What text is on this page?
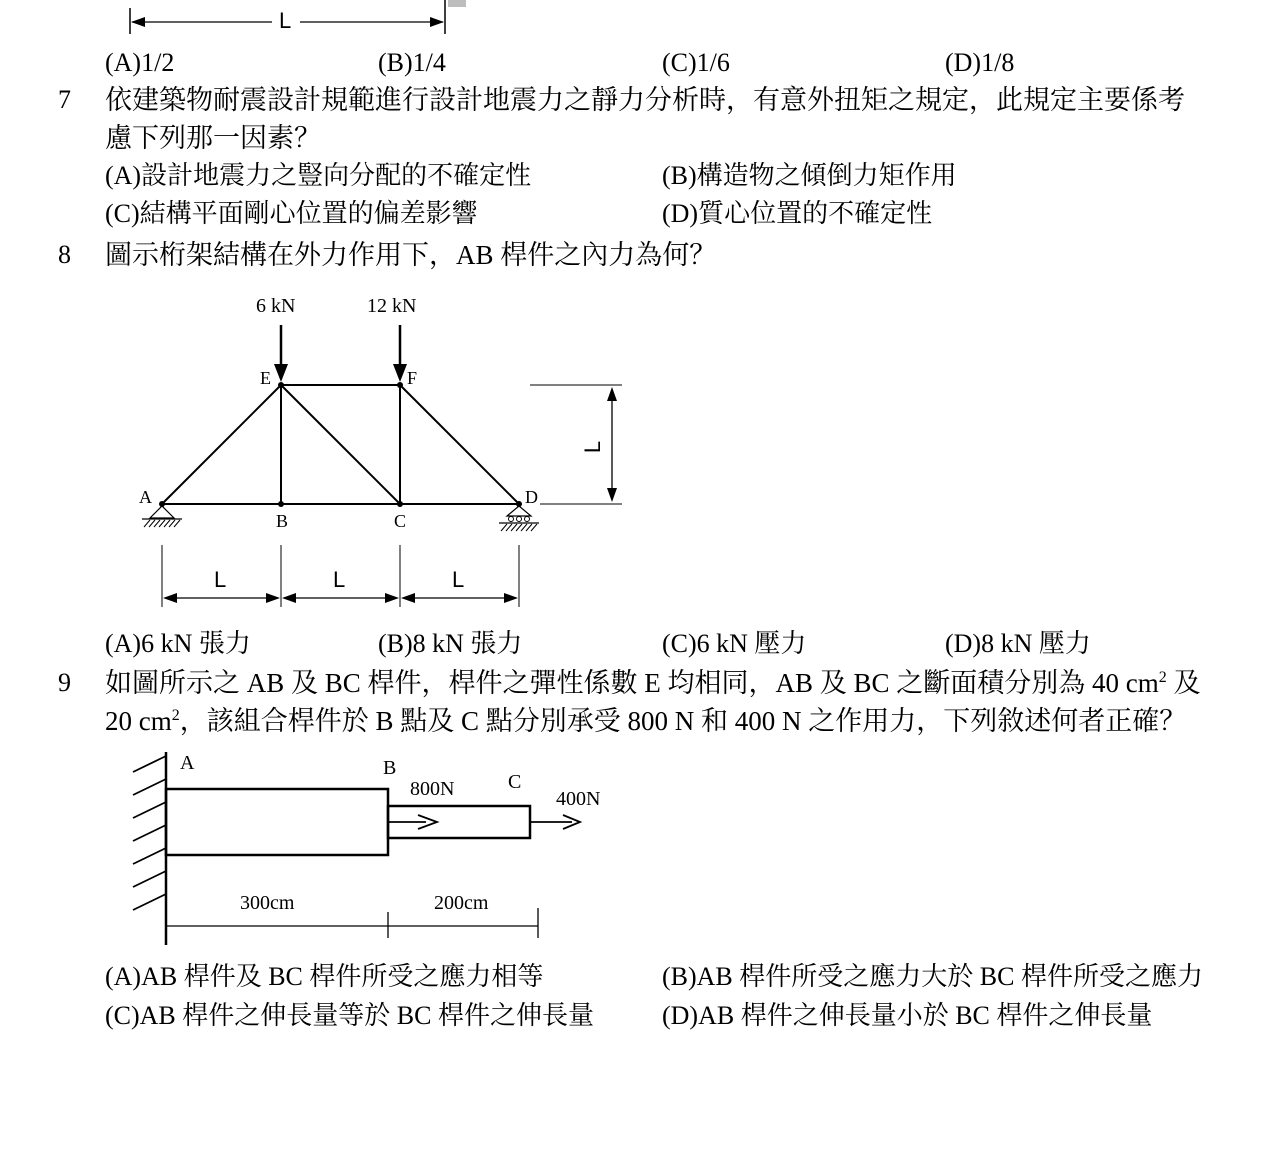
L
(A)1/2	(B)1/4	(C)1/6	(D)1/8
7 依建築物耐震設計規範進行設計地震力之靜力分析時，有意外扭矩之規定，此規定主要係考
慮下列那一因素？
(A)設計地震力之豎向分配的不確定性	(B)構造物之傾倒力矩作用
(C)結構平面剛心位置的偏差影響	(D)質心位置的不確定性
8 圖示桁架結構在外力作用下，AB 桿件之內力為何？
6 kN	12 kN
A
B	C
D
E	F
L
L	L	L
(A)6 kN 張力	(B)8 kN 張力	(C)6 kN 壓力	(D)8 kN 壓力
9 如圖所示之 AB 及 BC 桿件，桿件之彈性係數 E 均相同，AB 及 BC 之斷面積分別為 40 $cm^2$ 及
20 $cm^2$，該組合桿件於 B 點及 C 點分別承受 800 N 和 400 N 之作用力，下列敘述何者正確？
A	B
C
800N	400N
300cm	200cm
(A)AB 桿件及 BC 桿件所受之應力相等	(B)AB 桿件所受之應力大於 BC 桿件所受之應力
(C)AB 桿件之伸長量等於 BC 桿件之伸長量	(D)AB 桿件之伸長量小於 BC 桿件之伸長量
